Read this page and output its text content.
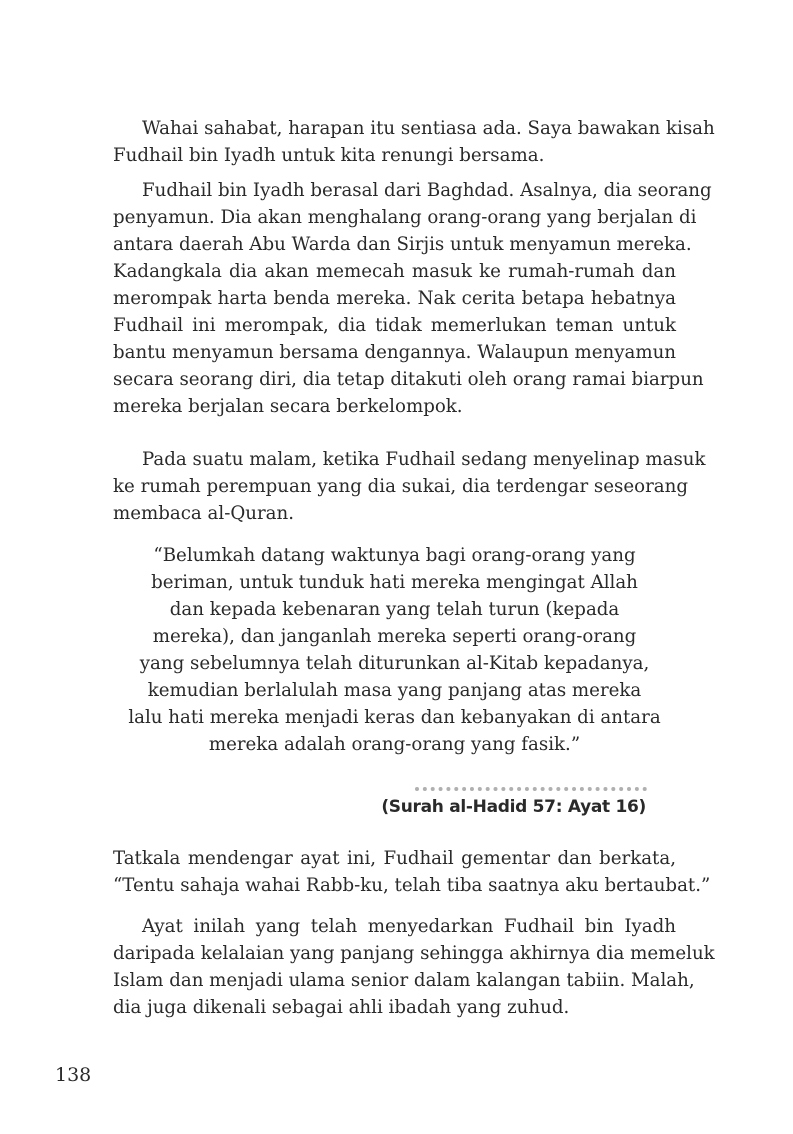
Wahai sahabat, harapan itu sentiasa ada. Saya bawakan kisah
Fudhail bin Iyadh untuk kita renungi bersama.
Fudhail bin Iyadh berasal dari Baghdad. Asalnya, dia seorang
penyamun. Dia akan menghalang orang-orang yang berjalan di
antara daerah Abu Warda dan Sirjis untuk menyamun mereka.
Kadangkala dia akan memecah masuk ke rumah-rumah dan
merompak harta benda mereka. Nak cerita betapa hebatnya
Fudhail ini merompak, dia tidak memerlukan teman untuk
bantu menyamun bersama dengannya. Walaupun menyamun
secara seorang diri, dia tetap ditakuti oleh orang ramai biarpun
mereka berjalan secara berkelompok.
Pada suatu malam, ketika Fudhail sedang menyelinap masuk
ke rumah perempuan yang dia sukai, dia terdengar seseorang
membaca al-Quran.
“Belumkah datang waktunya bagi orang-orang yang
beriman, untuk tunduk hati mereka mengingat Allah
dan kepada kebenaran yang telah turun (kepada
mereka), dan janganlah mereka seperti orang-orang
yang sebelumnya telah diturunkan al-Kitab kepadanya,
kemudian berlalulah masa yang panjang atas mereka
lalu hati mereka menjadi keras dan kebanyakan di antara
mereka adalah orang-orang yang fasik.”
(Surah al-Hadid 57: Ayat 16)
Tatkala mendengar ayat ini, Fudhail gementar dan berkata,
“Tentu sahaja wahai Rabb-ku, telah tiba saatnya aku bertaubat.”
Ayat inilah yang telah menyedarkan Fudhail bin Iyadh
daripada kelalaian yang panjang sehingga akhirnya dia memeluk
Islam dan menjadi ulama senior dalam kalangan tabiin. Malah,
dia juga dikenali sebagai ahli ibadah yang zuhud.
138
